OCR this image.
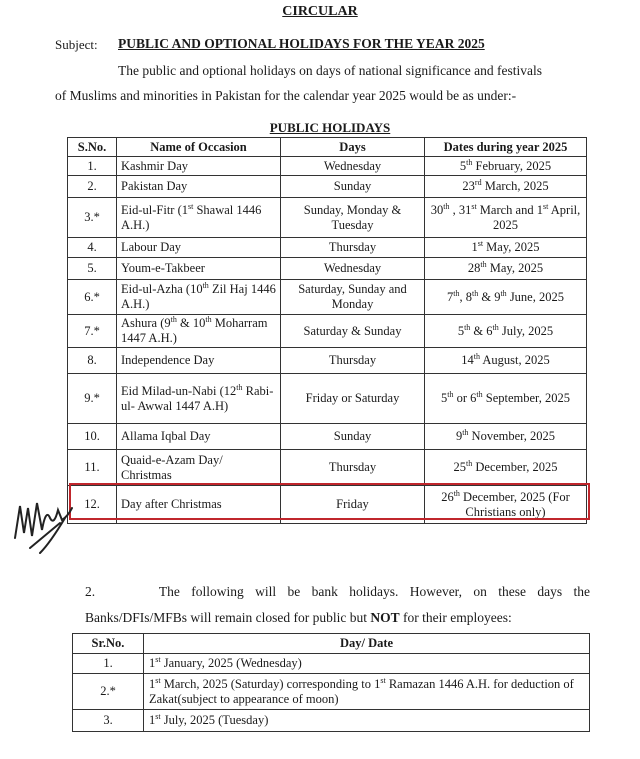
CIRCULAR
Subject: PUBLIC AND OPTIONAL HOLIDAYS FOR THE YEAR 2025
The public and optional holidays on days of national significance and festivals
of Muslims and minorities in Pakistan for the calendar year 2025 would be as under:-
PUBLIC HOLIDAYS
S.No.	Name of Occasion	Days	Dates during year 2025
1.	Kashmir Day	Wednesday	5th February, 2025
2.	Pakistan Day	Sunday	23rd March, 2025
3.*	Eid-ul-Fitr (1st Shawal 1446 A.H.)	Sunday, Monday & Tuesday	30th , 31st March and 1st April, 2025
4.	Labour Day	Thursday	1st May, 2025
5.	Youm-e-Takbeer	Wednesday	28th May, 2025
6.*	Eid-ul-Azha (10th Zil Haj 1446 A.H.)	Saturday, Sunday and Monday	7th, 8th & 9th June, 2025
7.*	Ashura (9th & 10th Moharram 1447 A.H.)	Saturday & Sunday	5th & 6th July, 2025
8.	Independence Day	Thursday	14th August, 2025
9.*	Eid Milad-un-Nabi (12th Rabi-ul- Awwal 1447 A.H)	Friday or Saturday	5th or 6th September, 2025
10.	Allama Iqbal Day	Sunday	9th November, 2025
11.	Quaid-e-Azam Day/ Christmas	Thursday	25th December, 2025
12.	Day after Christmas	Friday	26th December, 2025 (For Christians only)
2.	The following will be bank holidays. However, on these days the
Banks/DFIs/MFBs will remain closed for public but NOT for their employees:
Sr.No.	Day/ Date
1.	1st January, 2025 (Wednesday)
2.*	1st March, 2025 (Saturday) corresponding to 1st Ramazan 1446 A.H. for deduction of Zakat(subject to appearance of moon)
3.	1st July, 2025 (Tuesday)
